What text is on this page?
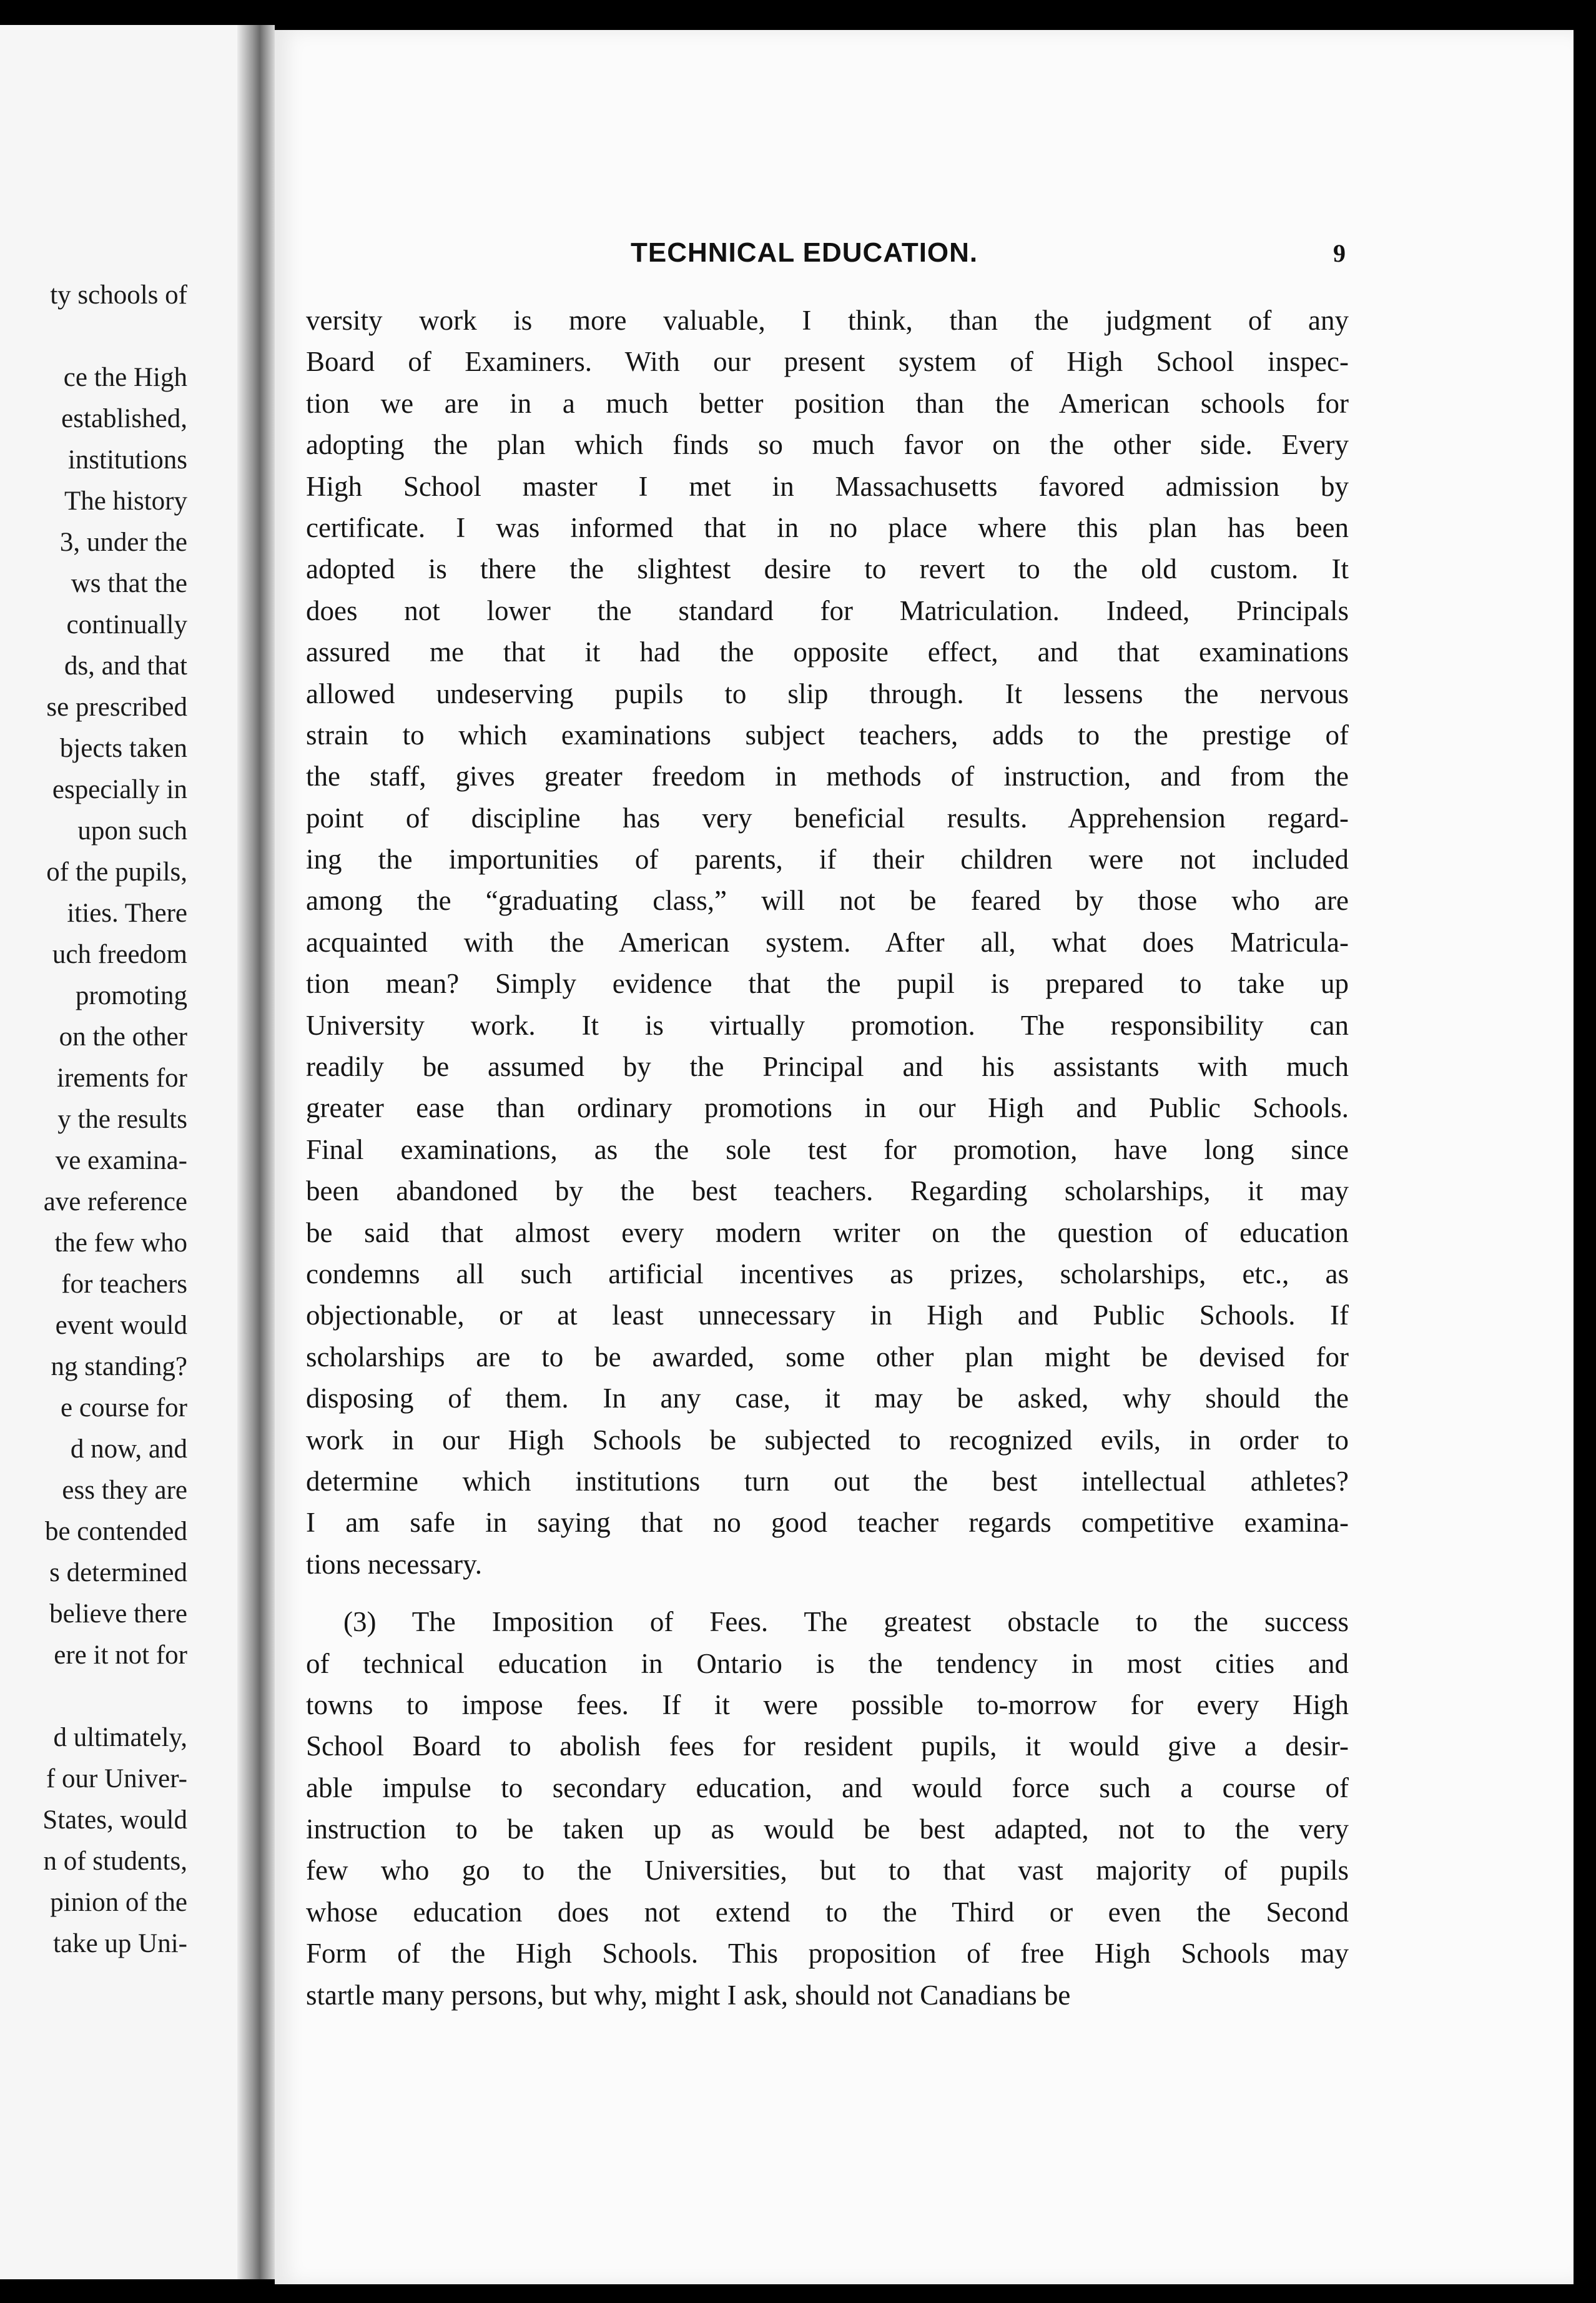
ty schools of
ce the High
established,
institutions
The history
3, under the
ws that the
continually
ds, and that
se prescribed
bjects taken
especially in
upon such
of the pupils,
ities. There
uch freedom
promoting
on the other
irements for
y the results
ve examina-
ave reference
the few who
for teachers
event would
ng standing?
e course for
d now, and
ess they are
be contended
s determined
believe there
ere it not for
d ultimately,
f our Univer-
States, would
n of students,
pinion of the
take up Uni-
TECHNICAL EDUCATION.	9
versity work is more valuable, I think, than the judgment of any
Board of Examiners. With our present system of High School inspec-
tion we are in a much better position than the American schools for
adopting the plan which finds so much favor on the other side. Every
High School master I met in Massachusetts favored admission by
certificate. I was informed that in no place where this plan has been
adopted is there the slightest desire to revert to the old custom. It
does not lower the standard for Matriculation. Indeed, Principals
assured me that it had the opposite effect, and that examinations
allowed undeserving pupils to slip through. It lessens the nervous
strain to which examinations subject teachers, adds to the prestige of
the staff, gives greater freedom in methods of instruction, and from the
point of discipline has very beneficial results. Apprehension regard-
ing the importunities of parents, if their children were not included
among the “graduating class,” will not be feared by those who are
acquainted with the American system. After all, what does Matricula-
tion mean? Simply evidence that the pupil is prepared to take up
University work. It is virtually promotion. The responsibility can
readily be assumed by the Principal and his assistants with much
greater ease than ordinary promotions in our High and Public Schools.
Final examinations, as the sole test for promotion, have long since
been abandoned by the best teachers. Regarding scholarships, it may
be said that almost every modern writer on the question of education
condemns all such artificial incentives as prizes, scholarships, etc., as
objectionable, or at least unnecessary in High and Public Schools. If
scholarships are to be awarded, some other plan might be devised for
disposing of them. In any case, it may be asked, why should the
work in our High Schools be subjected to recognized evils, in order to
determine which institutions turn out the best intellectual athletes?
I am safe in saying that no good teacher regards competitive examina-
tions necessary.
(3) The Imposition of Fees. The greatest obstacle to the success
of technical education in Ontario is the tendency in most cities and
towns to impose fees. If it were possible to-morrow for every High
School Board to abolish fees for resident pupils, it would give a desir-
able impulse to secondary education, and would force such a course of
instruction to be taken up as would be best adapted, not to the very
few who go to the Universities, but to that vast majority of pupils
whose education does not extend to the Third or even the Second
Form of the High Schools. This proposition of free High Schools may
startle many persons, but why, might I ask, should not Canadians be
